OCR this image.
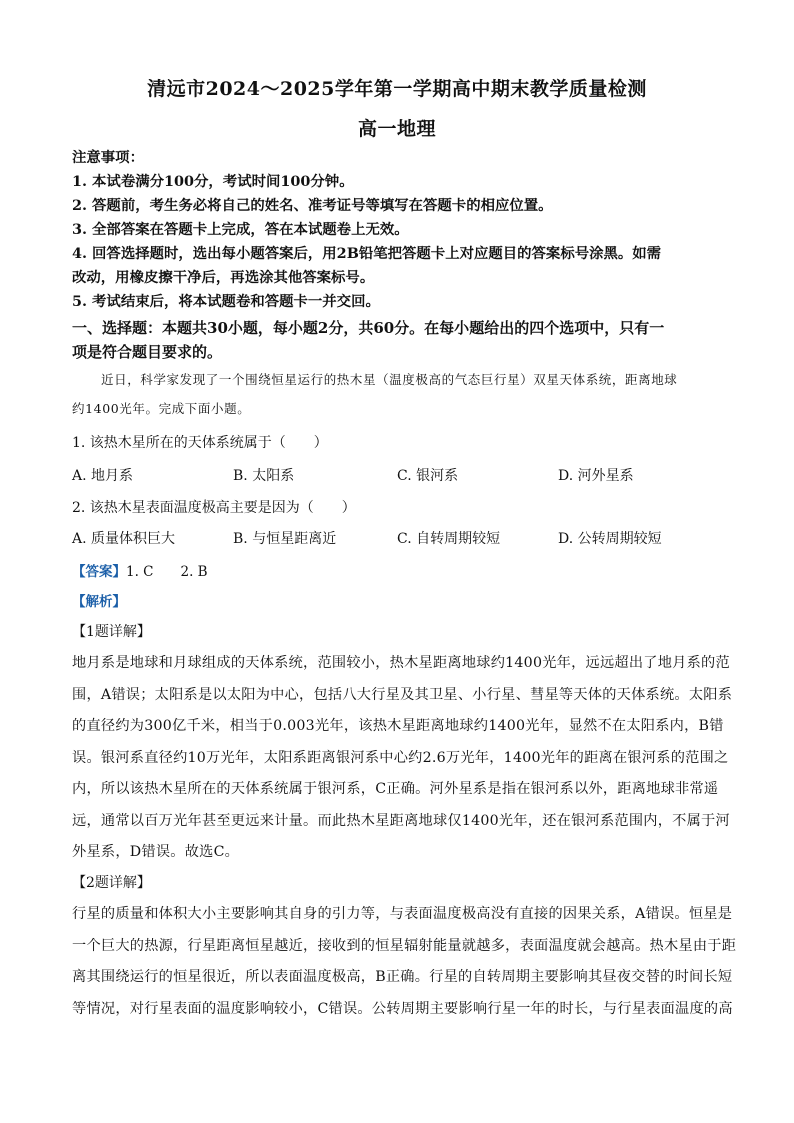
清远市2024～2025学年第一学期高中期末教学质量检测
高一地理
注意事项：
1. 本试卷满分100分，考试时间100分钟。
2. 答题前，考生务必将自己的姓名、准考证号等填写在答题卡的相应位置。
3. 全部答案在答题卡上完成，答在本试题卷上无效。
4. 回答选择题时，选出每小题答案后，用2B铅笔把答题卡上对应题目的答案标号涂黑。如需
改动，用橡皮擦干净后，再选涂其他答案标号。
5. 考试结束后，将本试题卷和答题卡一并交回。
一、选择题：本题共30小题，每小题2分，共60分。在每小题给出的四个选项中，只有一
项是符合题目要求的。
近日，科学家发现了一个围绕恒星运行的热木星（温度极高的气态巨行星）双星天体系统，距离地球
约1400光年。完成下面小题。
1. 该热木星所在的天体系统属于（　　）
A. 地月系	B. 太阳系	C. 银河系	D. 河外星系
2. 该热木星表面温度极高主要是因为（　　）
A. 质量体积巨大	B. 与恒星距离近	C. 自转周期较短	D. 公转周期较短
【答案】1. C　　2. B
【解析】
【1题详解】
地月系是地球和月球组成的天体系统，范围较小，热木星距离地球约1400光年，远远超出了地月系的范
围，A错误；太阳系是以太阳为中心，包括八大行星及其卫星、小行星、彗星等天体的天体系统。太阳系
的直径约为300亿千米，相当于0.003光年，该热木星距离地球约1400光年，显然不在太阳系内，B错
误。银河系直径约10万光年，太阳系距离银河系中心约2.6万光年，1400光年的距离在银河系的范围之
内，所以该热木星所在的天体系统属于银河系，C正确。河外星系是指在银河系以外，距离地球非常遥
远，通常以百万光年甚至更远来计量。而此热木星距离地球仅1400光年，还在银河系范围内，不属于河
外星系，D错误。故选C。
【2题详解】
行星的质量和体积大小主要影响其自身的引力等，与表面温度极高没有直接的因果关系，A错误。恒星是
一个巨大的热源，行星距离恒星越近，接收到的恒星辐射能量就越多，表面温度就会越高。热木星由于距
离其围绕运行的恒星很近，所以表面温度极高，B正确。行星的自转周期主要影响其昼夜交替的时间长短
等情况，对行星表面的温度影响较小，C错误。公转周期主要影响行星一年的时长，与行星表面温度的高
